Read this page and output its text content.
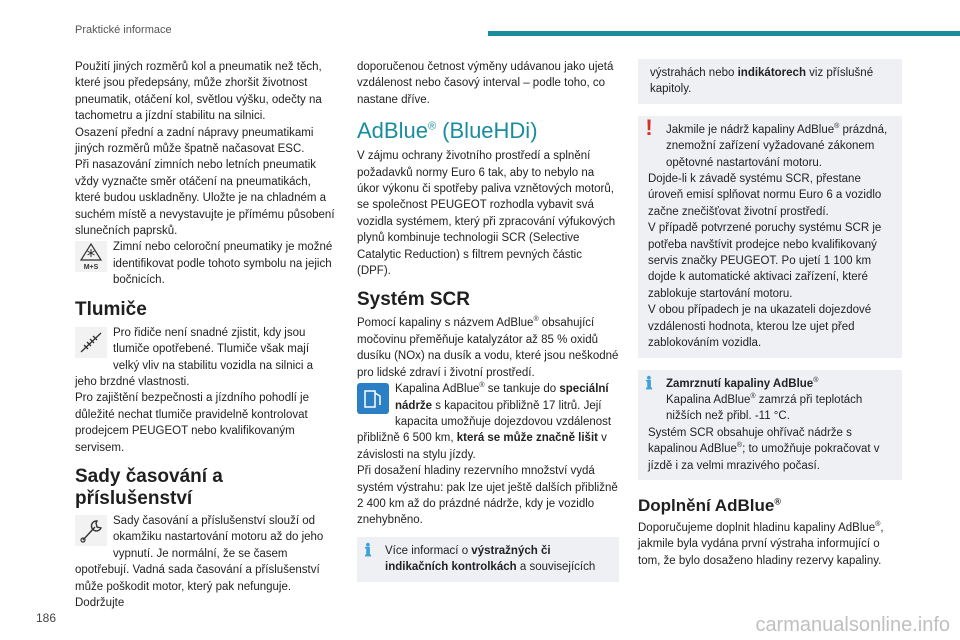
Praktické informace

Použití jiných rozměrů kol a pneumatik než těch, které jsou předepsány, může zhoršit životnost pneumatik, otáčení kol, světlou výšku, odečty na tachometru a jízdní stabilitu na silnici.

Osazení přední a zadní nápravy pneumatikami jiných rozměrů může špatně načasovat ESC.

Při nasazování zimních nebo letních pneumatik vždy vyznačte směr otáčení na pneumatikách, které budou uskladněny. Uložte je na chladném a suchém místě a nevystavujte je přímému působení slunečních paprsků.

M+S

Zimní nebo celoroční pneumatiky je možné identifikovat podle tohoto symbolu na jejich bočnicích.

Tlumiče

Pro řidiče není snadné zjistit, kdy jsou tlumiče opotřebené. Tlumiče však mají velký vliv na stabilitu vozidla na silnici a jeho brzdné vlastnosti.

Pro zajištění bezpečnosti a jízdního pohodlí je důležité nechat tlumiče pravidelně kontrolovat prodejcem PEUGEOT nebo kvalifikovaným servisem.

Sady časování a příslušenství

Sady časování a příslušenství slouží od okamžiku nastartování motoru až do jeho vypnutí. Je normální, že se časem opotřebují. Vadná sada časování a příslušenství může poškodit motor, který pak nefunguje. Dodržujte

doporučenou četnost výměny udávanou jako ujetá vzdálenost nebo časový interval – podle toho, co nastane dříve.

AdBlue® (BlueHDi)

V zájmu ochrany životního prostředí a splnění požadavků normy Euro 6 tak, aby to nebylo na úkor výkonu či spotřeby paliva vznětových motorů, se společnost PEUGEOT rozhodla vybavit svá vozidla systémem, který při zpracování výfukových plynů kombinuje technologii SCR (Selective Catalytic Reduction) s filtrem pevných částic (DPF).

Systém SCR

Pomocí kapaliny s názvem AdBlue® obsahující močovinu přeměňuje katalyzátor až 85 % oxidů dusíku (NOx) na dusík a vodu, které jsou neškodné pro lidské zdraví i životní prostředí.

Kapalina AdBlue® se tankuje do speciální nádrže s kapacitou přibližně 17 litrů. Její kapacita umožňuje dojezdovou vzdálenost přibližně 6 500 km, která se může značně lišit v závislosti na stylu jízdy.

Při dosažení hladiny rezervního množství vydá systém výstrahu: pak lze ujet ještě dalších přibližně 2 400 km až do prázdné nádrže, kdy je vozidlo znehybněno.

ℹ	Více informací o výstražných či indikačních kontrolkách a souvisejících

výstrahách nebo indikátorech viz příslušné kapitoly.

!	Jakmile je nádrž kapaliny AdBlue® prázdná, znemožní zařízení vyžadované zákonem opětovné nastartování motoru.

Dojde-li k závadě systému SCR, přestane úroveň emisí splňovat normu Euro 6 a vozidlo začne znečišťovat životní prostředí.

V případě potvrzené poruchy systému SCR je potřeba navštívit prodejce nebo kvalifikovaný servis značky PEUGEOT. Po ujetí 1 100 km dojde k automatické aktivaci zařízení, které zablokuje startování motoru.

V obou případech je na ukazateli dojezdové vzdálenosti hodnota, kterou lze ujet před zablokováním vozidla.

ℹ	Zamrznutí kapaliny AdBlue®

Kapalina AdBlue® zamrzá při teplotách nižších než přibl. -11 °C.

Systém SCR obsahuje ohřívač nádrže s kapalinou AdBlue®; to umožňuje pokračovat v jízdě i za velmi mrazivého počasí.

Doplnění AdBlue®

Doporučujeme doplnit hladinu kapaliny AdBlue®, jakmile byla vydána první výstraha informující o tom, že bylo dosaženo hladiny rezervy kapaliny.

186	carmanualsonline.info
